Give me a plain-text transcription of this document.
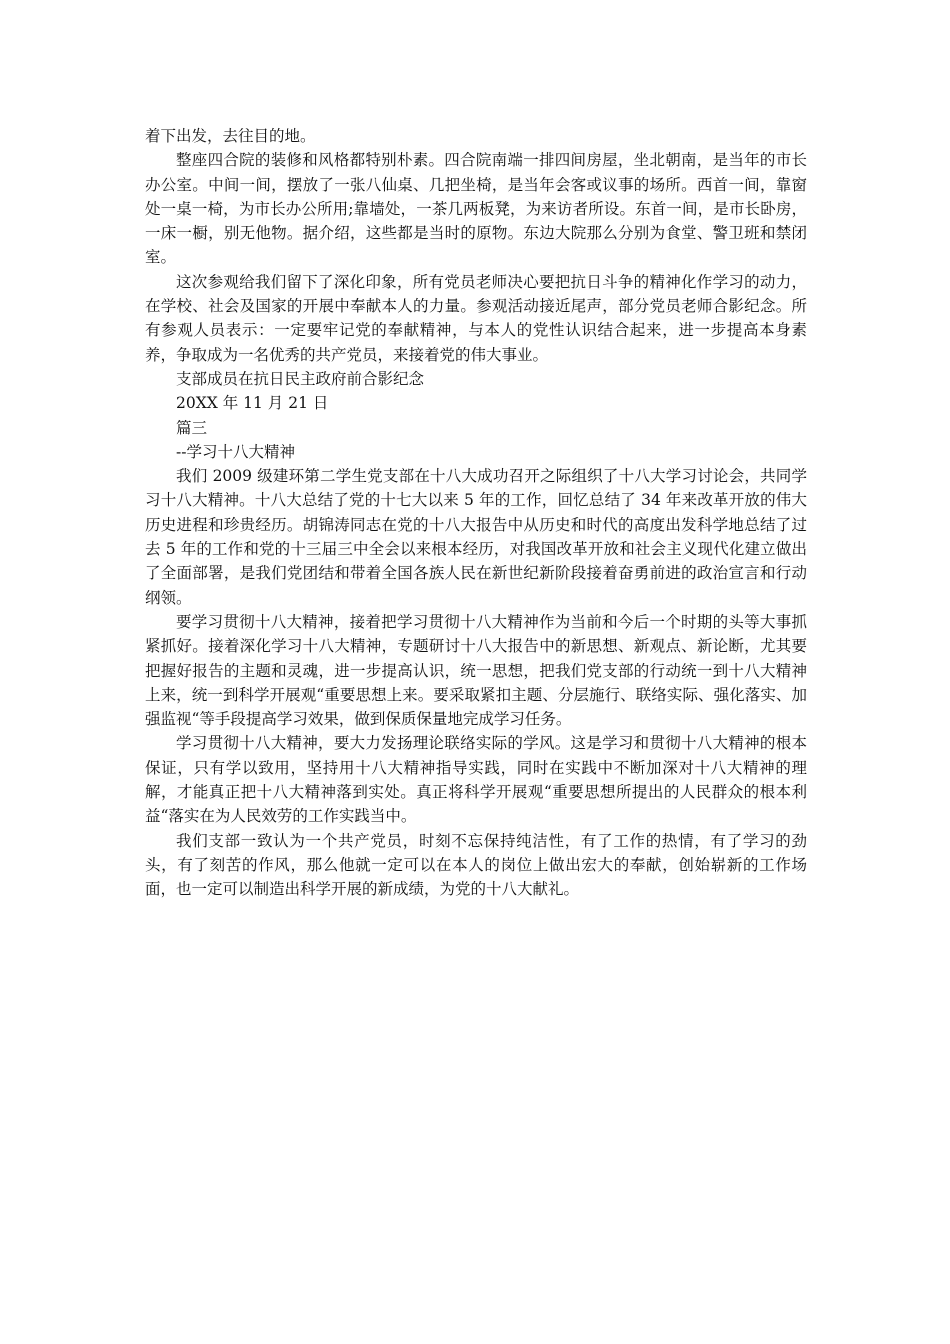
着下出发，去往目的地。

整座四合院的装修和风格都特别朴素。四合院南端一排四间房屋，坐北朝南，是当年的市长办公室。中间一间，摆放了一张八仙桌、几把坐椅，是当年会客或议事的场所。西首一间，靠窗处一桌一椅，为市长办公所用;靠墙处，一茶几两板凳，为来访者所设。东首一间，是市长卧房，一床一橱，别无他物。据介绍，这些都是当时的原物。东边大院那么分别为食堂、警卫班和禁闭室。

这次参观给我们留下了深化印象，所有党员老师决心要把抗日斗争的精神化作学习的动力，在学校、社会及国家的开展中奉献本人的力量。参观活动接近尾声，部分党员老师合影纪念。所有参观人员表示：一定要牢记党的奉献精神，与本人的党性认识结合起来，进一步提高本身素养，争取成为一名优秀的共产党员，来接着党的伟大事业。

支部成员在抗日民主政府前合影纪念

20XX 年 11 月 21 日

篇三

--学习十八大精神

我们 2009 级建环第二学生党支部在十八大成功召开之际组织了十八大学习讨论会，共同学习十八大精神。十八大总结了党的十七大以来 5 年的工作，回忆总结了 34 年来改革开放的伟大历史进程和珍贵经历。胡锦涛同志在党的十八大报告中从历史和时代的高度出发科学地总结了过去 5 年的工作和党的十三届三中全会以来根本经历，对我国改革开放和社会主义现代化建立做出了全面部署，是我们党团结和带着全国各族人民在新世纪新阶段接着奋勇前进的政治宣言和行动纲领。

要学习贯彻十八大精神，接着把学习贯彻十八大精神作为当前和今后一个时期的头等大事抓紧抓好。接着深化学习十八大精神，专题研讨十八大报告中的新思想、新观点、新论断，尤其要把握好报告的主题和灵魂，进一步提高认识，统一思想，把我们党支部的行动统一到十八大精神上来，统一到科学开展观“重要思想上来。要采取紧扣主题、分层施行、联络实际、强化落实、加强监视“等手段提高学习效果，做到保质保量地完成学习任务。

学习贯彻十八大精神，要大力发扬理论联络实际的学风。这是学习和贯彻十八大精神的根本保证，只有学以致用，坚持用十八大精神指导实践，同时在实践中不断加深对十八大精神的理解，才能真正把十八大精神落到实处。真正将科学开展观“重要思想所提出的人民群众的根本利益“落实在为人民效劳的工作实践当中。

我们支部一致认为一个共产党员，时刻不忘保持纯洁性，有了工作的热情，有了学习的劲头，有了刻苦的作风，那么他就一定可以在本人的岗位上做出宏大的奉献，创始崭新的工作场面，也一定可以制造出科学开展的新成绩，为党的十八大献礼。
